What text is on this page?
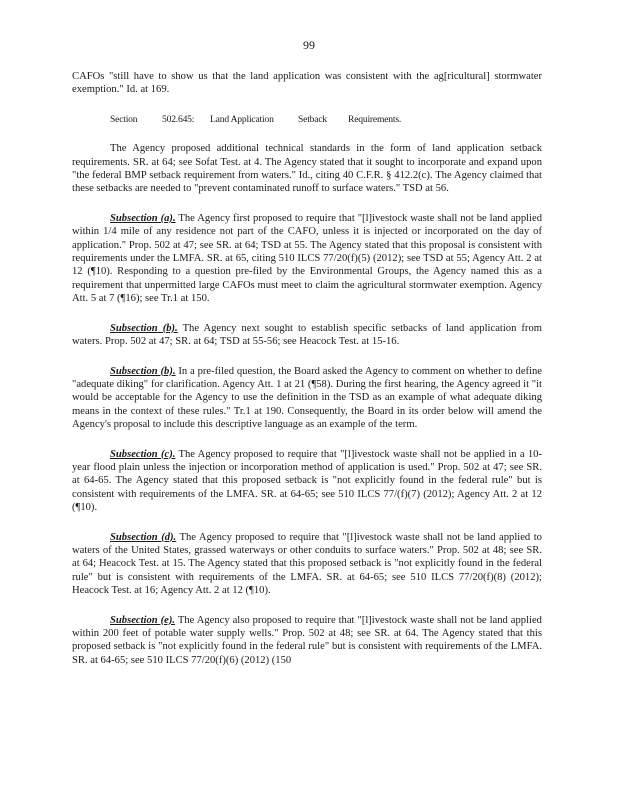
99

CAFOs "still have to show us that the land application was consistent with the ag[ricultural] stormwater exemption." Id. at 169.

Section	502.645: Land Application	Setback Requirements.

The Agency proposed additional technical standards in the form of land application setback requirements. SR. at 64; see Sofat Test. at 4. The Agency stated that it sought to incorporate and expand upon "the federal BMP setback requirement from waters." Id., citing 40 C.F.R. § 412.2(c). The Agency claimed that these setbacks are needed to "prevent contaminated runoff to surface waters." TSD at 56.

Subsection (a). The Agency first proposed to require that "[l]ivestock waste shall not be land applied within 1/4 mile of any residence not part of the CAFO, unless it is injected or incorporated on the day of application." Prop. 502 at 47; see SR. at 64; TSD at 55. The Agency stated that this proposal is consistent with requirements under the LMFA. SR. at 65, citing 510 ILCS 77/20(f)(5) (2012); see TSD at 55; Agency Att. 2 at 12 (¶10). Responding to a question pre-filed by the Environmental Groups, the Agency named this as a requirement that unpermitted large CAFOs must meet to claim the agricultural stormwater exemption. Agency Att. 5 at 7 (¶16); see Tr.1 at 150.

Subsection (b). The Agency next sought to establish specific setbacks of land application from waters. Prop. 502 at 47; SR. at 64; TSD at 55-56; see Heacock Test. at 15-16.

Subsection (b). In a pre-filed question, the Board asked the Agency to comment on whether to define "adequate diking" for clarification. Agency Att. 1 at 21 (¶58). During the first hearing, the Agency agreed it "it would be acceptable for the Agency to use the definition in the TSD as an example of what adequate diking means in the context of these rules." Tr.1 at 190. Consequently, the Board in its order below will amend the Agency's proposal to include this descriptive language as an example of the term.

Subsection (c). The Agency proposed to require that "[l]ivestock waste shall not be applied in a 10-year flood plain unless the injection or incorporation method of application is used." Prop. 502 at 47; see SR. at 64-65. The Agency stated that this proposed setback is "not explicitly found in the federal rule" but is consistent with requirements of the LMFA. SR. at 64-65; see 510 ILCS 77/(f)(7) (2012); Agency Att. 2 at 12 (¶10).

Subsection (d). The Agency proposed to require that "[l]ivestock waste shall not be land applied to waters of the United States, grassed waterways or other conduits to surface waters." Prop. 502 at 48; see SR. at 64; Heacock Test. at 15. The Agency stated that this proposed setback is "not explicitly found in the federal rule" but is consistent with requirements of the LMFA. SR. at 64-65; see 510 ILCS 77/20(f)(8) (2012); Heacock Test. at 16; Agency Att. 2 at 12 (¶10).

Subsection (e). The Agency also proposed to require that "[l]ivestock waste shall not be land applied within 200 feet of potable water supply wells." Prop. 502 at 48; see SR. at 64. The Agency stated that this proposed setback is "not explicitly found in the federal rule" but is consistent with requirements of the LMFA. SR. at 64-65; see 510 ILCS 77/20(f)(6) (2012) (150
